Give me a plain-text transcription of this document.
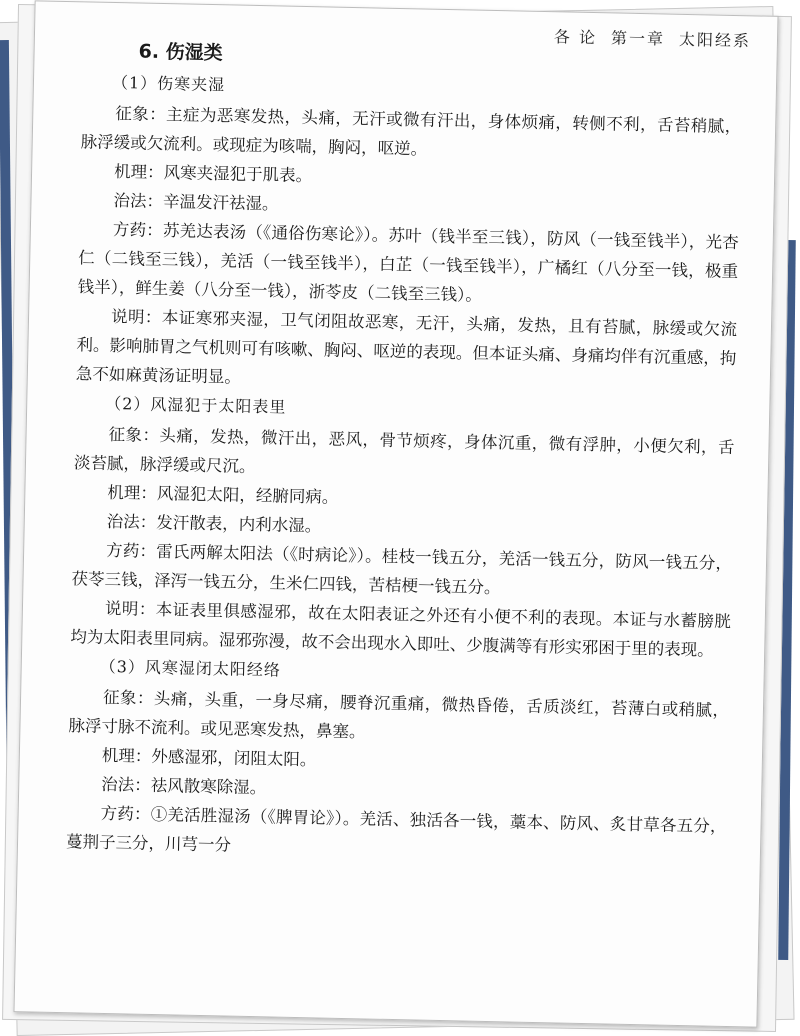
各 论 第一章 太阳经系
6. 伤湿类
（1）伤寒夹湿

征象：主症为恶寒发热，头痛，无汗或微有汗出，身体烦痛，转侧不利，舌苔稍腻，脉浮缓或欠流利。或现症为咳喘，胸闷，呕逆。

机理：风寒夹湿犯于肌表。

治法：辛温发汗祛湿。

方药：苏羌达表汤（《通俗伤寒论》）。苏叶（钱半至三钱），防风（一钱至钱半），光杏仁（二钱至三钱），羌活（一钱至钱半），白芷（一钱至钱半），广橘红（八分至一钱，极重钱半），鲜生姜（八分至一钱），浙苓皮（二钱至三钱）。

说明：本证寒邪夹湿，卫气闭阻故恶寒，无汗，头痛，发热，且有苔腻，脉缓或欠流利。影响肺胃之气机则可有咳嗽、胸闷、呕逆的表现。但本证头痛、身痛均伴有沉重感，拘急不如麻黄汤证明显。

（2）风湿犯于太阳表里

征象：头痛，发热，微汗出，恶风，骨节烦疼，身体沉重，微有浮肿，小便欠利，舌淡苔腻，脉浮缓或尺沉。

机理：风湿犯太阳，经腑同病。

治法：发汗散表，内利水湿。

方药：雷氏两解太阳法（《时病论》）。桂枝一钱五分，羌活一钱五分，防风一钱五分，茯苓三钱，泽泻一钱五分，生米仁四钱，苦桔梗一钱五分。

说明：本证表里俱感湿邪，故在太阳表证之外还有小便不利的表现。本证与水蓄膀胱均为太阳表里同病。湿邪弥漫，故不会出现水入即吐、少腹满等有形实邪困于里的表现。

（3）风寒湿闭太阳经络

征象：头痛，头重，一身尽痛，腰脊沉重痛，微热昏倦，舌质淡红，苔薄白或稍腻，脉浮寸脉不流利。或见恶寒发热，鼻塞。

机理：外感湿邪，闭阻太阳。

治法：祛风散寒除湿。

方药：①羌活胜湿汤（《脾胃论》）。羌活、独活各一钱，藁本、防风、炙甘草各五分，蔓荆子三分，川芎一分
